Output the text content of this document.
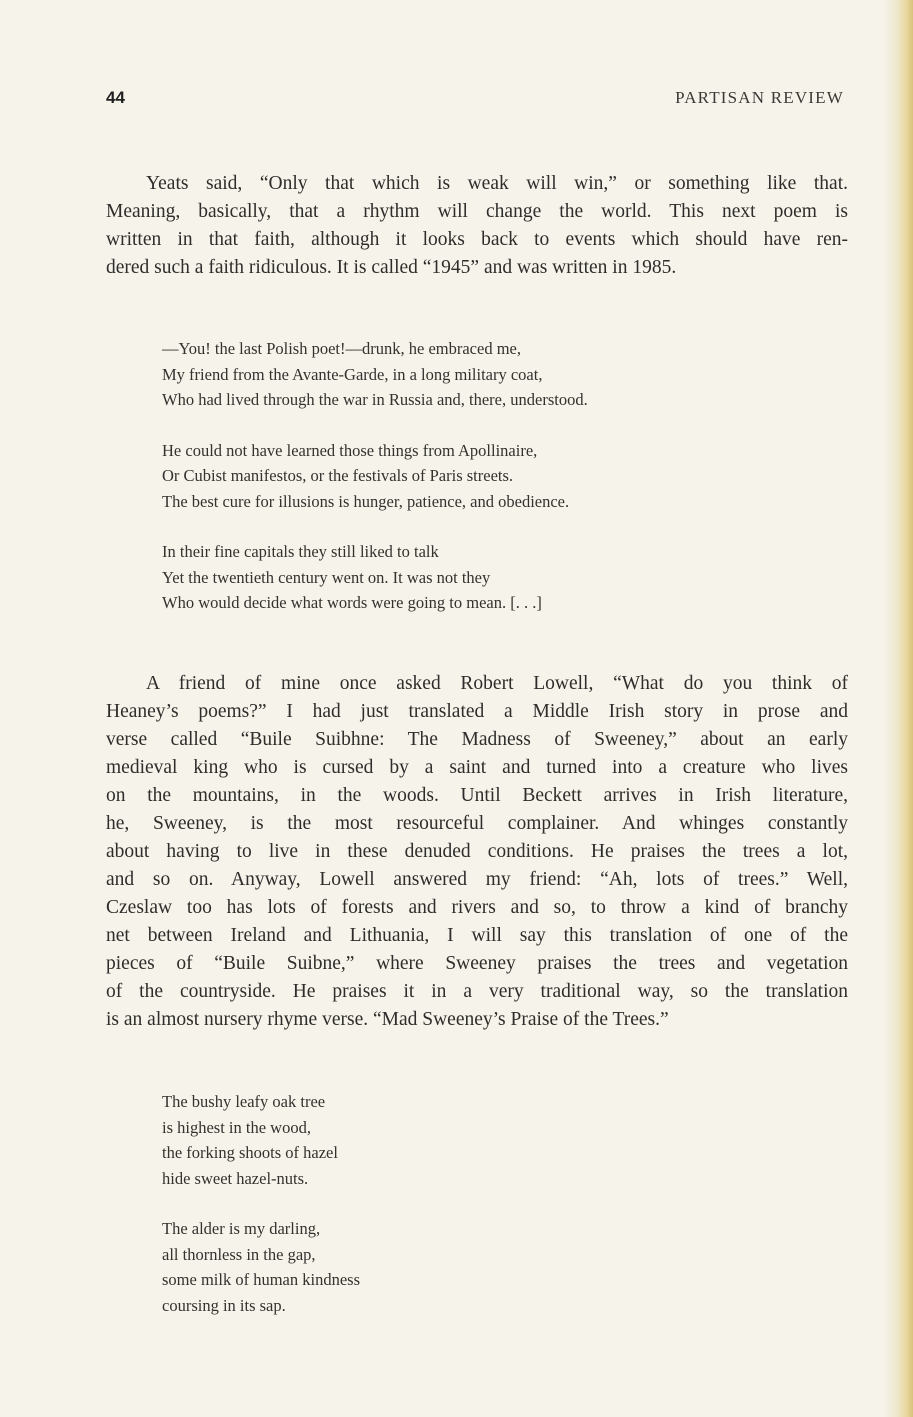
44	PARTISAN REVIEW
Yeats said, “Only that which is weak will win,” or something like that.
Meaning, basically, that a rhythm will change the world. This next poem is
written in that faith, although it looks back to events which should have ren-
dered such a faith ridiculous. It is called “1945” and was written in 1985.
—You! the last Polish poet!—drunk, he embraced me,
My friend from the Avante-Garde, in a long military coat,
Who had lived through the war in Russia and, there, understood.
He could not have learned those things from Apollinaire,
Or Cubist manifestos, or the festivals of Paris streets.
The best cure for illusions is hunger, patience, and obedience.
In their fine capitals they still liked to talk
Yet the twentieth century went on. It was not they
Who would decide what words were going to mean. [. . .]
A friend of mine once asked Robert Lowell, “What do you think of
Heaney’s poems?” I had just translated a Middle Irish story in prose and
verse called “Buile Suibhne: The Madness of Sweeney,” about an early
medieval king who is cursed by a saint and turned into a creature who lives
on the mountains, in the woods. Until Beckett arrives in Irish literature,
he, Sweeney, is the most resourceful complainer. And whinges constantly
about having to live in these denuded conditions. He praises the trees a lot,
and so on. Anyway, Lowell answered my friend: “Ah, lots of trees.” Well,
Czeslaw too has lots of forests and rivers and so, to throw a kind of branchy
net between Ireland and Lithuania, I will say this translation of one of the
pieces of “Buile Suibne,” where Sweeney praises the trees and vegetation
of the countryside. He praises it in a very traditional way, so the translation
is an almost nursery rhyme verse. “Mad Sweeney’s Praise of the Trees.”
The bushy leafy oak tree
is highest in the wood,
the forking shoots of hazel
hide sweet hazel-nuts.
The alder is my darling,
all thornless in the gap,
some milk of human kindness
coursing in its sap.
